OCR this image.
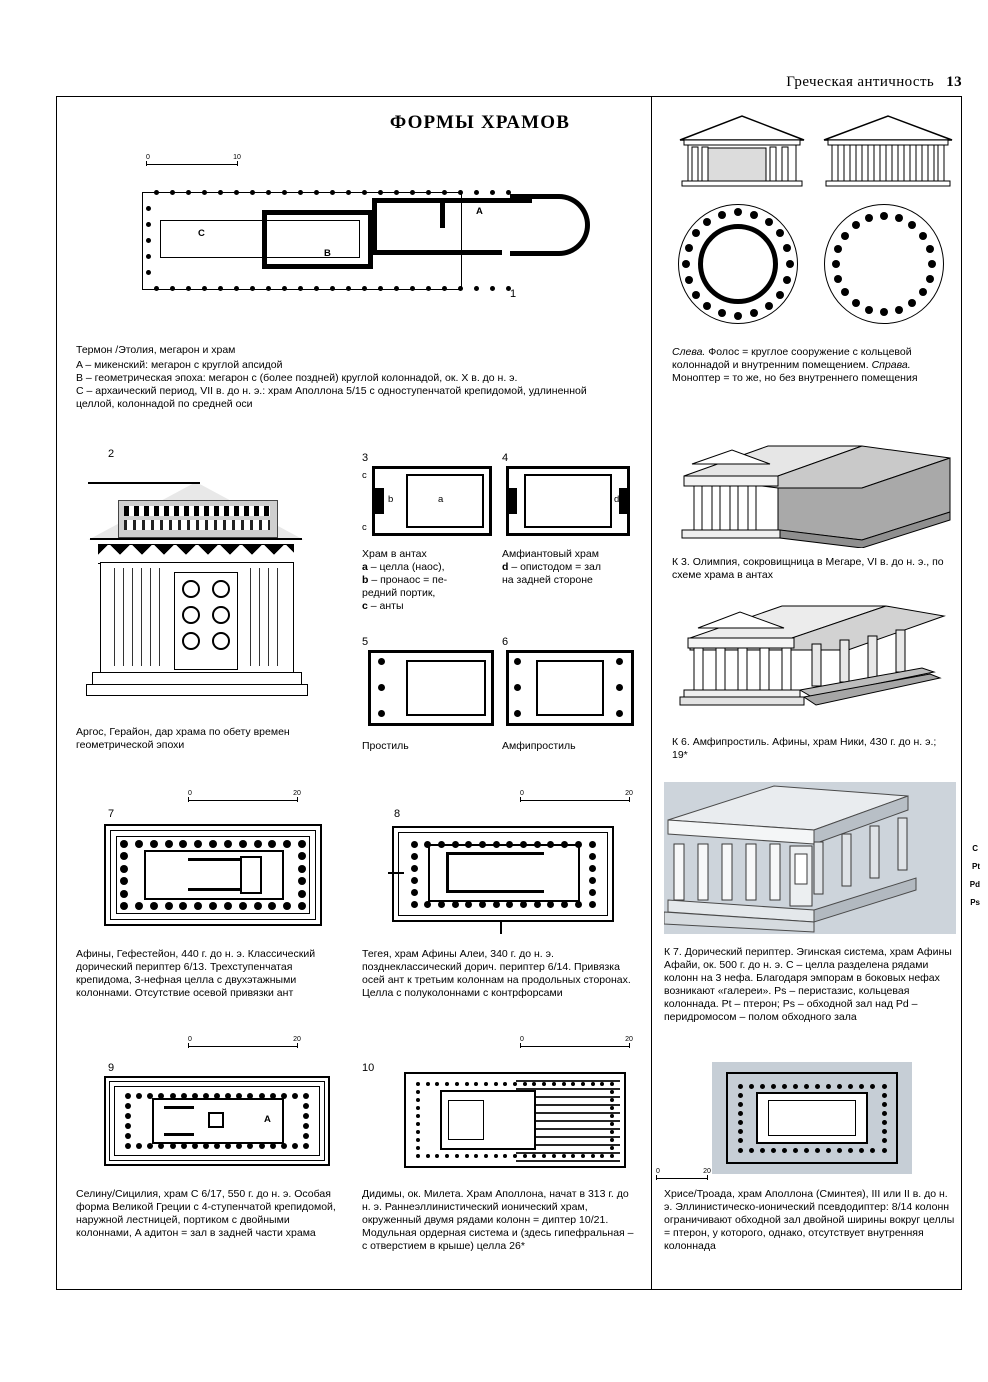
Греческая античность 13
ФОРМЫ ХРАМОВ
0	10
A
B
C
1
Термон /Этолия, мегарон и храм
A – микенский: мегарон с круглой апсидой
B – геометрическая эпоха: мегарон с (более поздней) круглой колоннадой, ок. X в. до н. э.
C – архаический период, VII в. до н. э.: храм Аполлона 5/15 с одноступенчатой крепидомой, удлиненной целлой, колоннадой по средней оси
2
Аргос, Герайон, дар храма по обету времен геометрической эпохи
3
c
c
b	a
Храм в антах
a – целла (наос),
b – пронаос = пе-
редний портик,
c – анты
4
d
Амфиантовый храм
d – опистодом = зал
на задней стороне
5
Простиль
6
Амфипростиль
0	20
7
Афины, Гефестейон, 440 г. до н. э. Классический дорический периптер 6/13. Трехступенчатая крепидома, 3-нефная целла с двухэтажными колоннами. Отсутствие осевой привязки ант
0	20
8
Тегея, храм Афины Алеи, 340 г. до н. э. позднеклассический дорич. периптер 6/14. Привязка осей ант к третьим колоннам на продольных сторонах. Целла с полуколоннами с контрфорсами
0	20
9
A
Селину/Сицилия, храм C 6/17, 550 г. до н. э. Особая форма Великой Греции с 4-ступенчатой крепидомой, наружной лестницей, портиком с двойными колоннами, A адитон = зал в задней части храма
0	20
10
Дидимы, ок. Милета. Храм Аполлона, начат в 313 г. до н. э. Раннеэллинистический ионический храм, окруженный двумя рядами колонн = диптер 10/21. Модульная ордерная система и (здесь гипефральная – с отверстием в крыше) целла 26*
Слева. Фолос = круглое сооружение с кольцевой колоннадой и внутренним помещением. Справа. Моноптер = то же, но без внутреннего помещения
К 3. Олимпия, сокровищница в Мегаре, VI в. до н. э., по схеме храма в антах
К 6. Амфипростиль. Афины, храм Ники, 430 г. до н. э.; 19*
C
Pt
Pd
Ps
К 7. Дорический периптер. Эгинская система, храм Афины Афайи, ок. 500 г. до н. э. C – целла разделена рядами колонн на 3 нефа. Благодаря эмпорам в боковых нефах возникают «галереи». Ps – перистазис, кольцевая колоннада. Pt – птерон; Ps – обходной зал над Pd – перидромосом – полом обходного зала
0	20
Хрисе/Троада, храм Аполлона (Сминтея), III или II в. до н. э. Эллинистическо-ионический псевдодиптер: 8/14 колонн ограничивают обходной зал двойной ширины вокруг целлы = птерон, у которого, однако, отсутствует внутренняя колоннада
